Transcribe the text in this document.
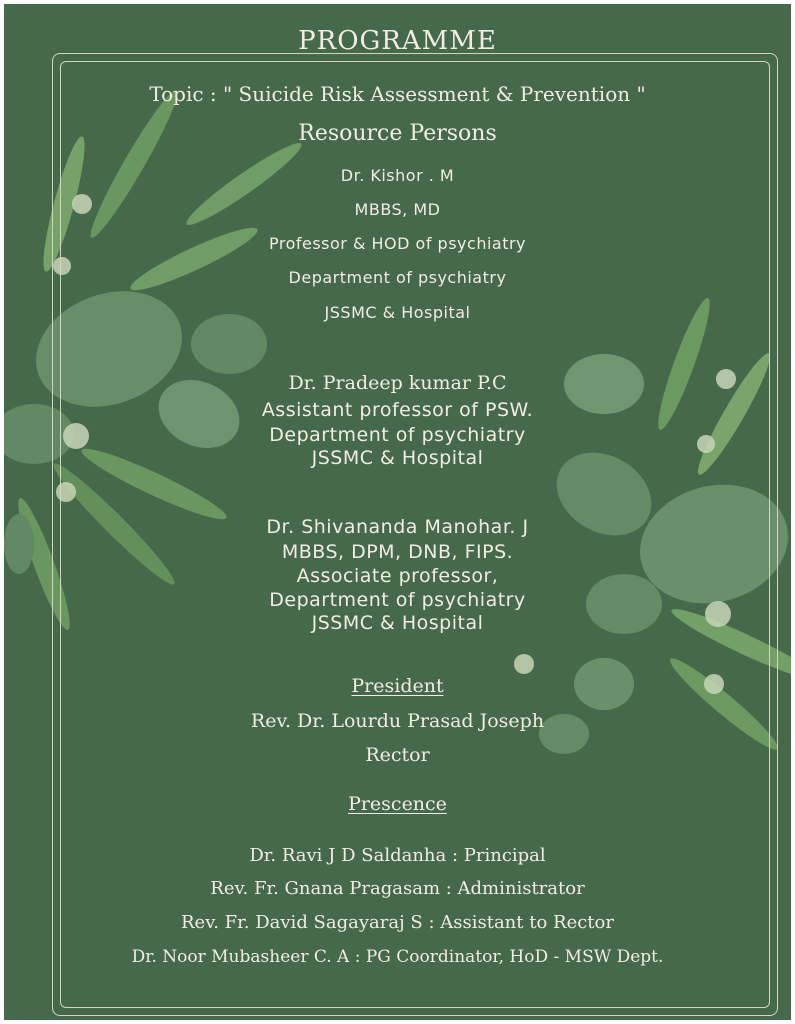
PROGRAMME
Topic : " Suicide Risk Assessment & Prevention "
Resource Persons
Dr. Kishor . M
MBBS, MD
Professor & HOD of psychiatry
Department of psychiatry
JSSMC & Hospital
Dr. Pradeep kumar P.C
Assistant professor of PSW.
Department of psychiatry
JSSMC & Hospital
Dr. Shivananda Manohar. J
MBBS, DPM, DNB, FIPS.
Associate professor,
Department of psychiatry
JSSMC & Hospital
President
Rev. Dr. Lourdu Prasad Joseph
Rector
Prescence
Dr. Ravi J D Saldanha : Principal
Rev. Fr. Gnana Pragasam : Administrator
Rev. Fr. David Sagayaraj S : Assistant to Rector
Dr. Noor Mubasheer C. A : PG Coordinator, HoD - MSW Dept.
